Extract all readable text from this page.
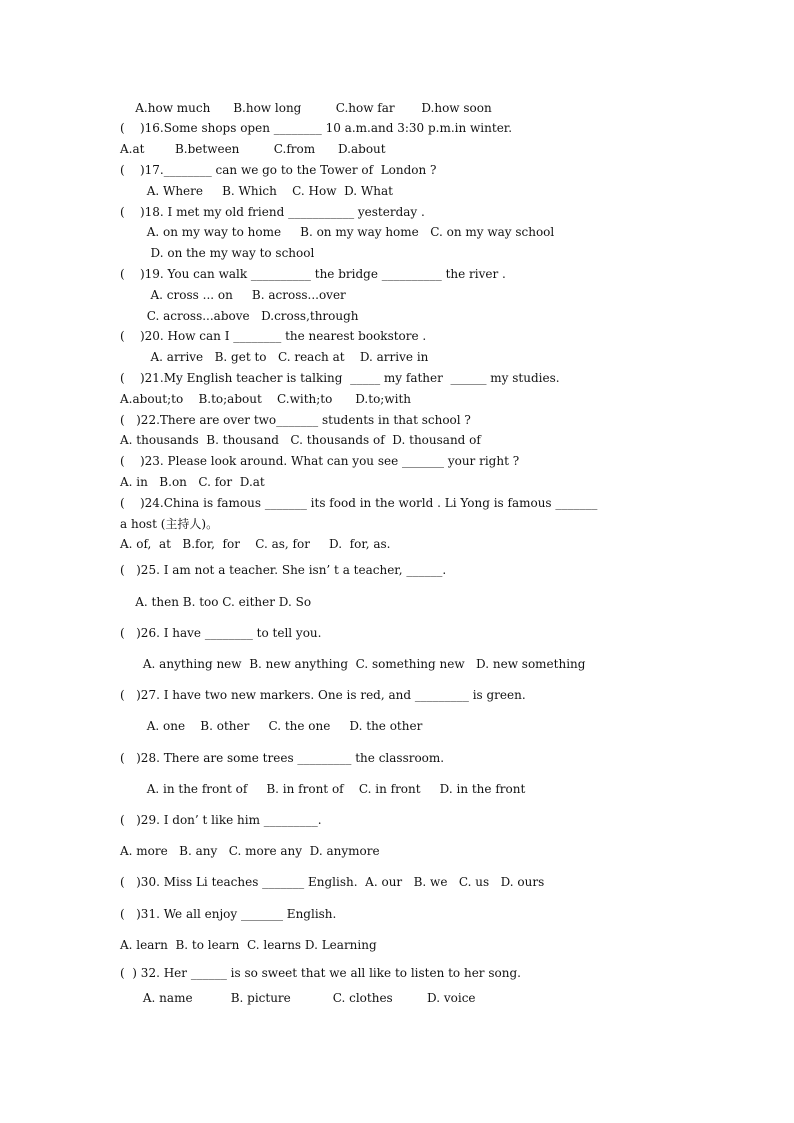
A.how much      B.how long         C.how far       D.how soon
(    )16.Some shops open ________ 10 a.m.and 3:30 p.m.in winter.
A.at        B.between         C.from      D.about
(    )17.________ can we go to the Tower of  London ?
A. Where     B. Which    C. How  D. What
(    )18. I met my old friend ___________ yesterday .
A. on my way to home     B. on my way home   C. on my way school
D. on the my way to school
(    )19. You can walk __________ the bridge __________ the river .
A. cross ... on     B. across...over
C. across...above   D.cross,through
(    )20. How can I ________ the nearest bookstore .
A. arrive   B. get to   C. reach at    D. arrive in
(    )21.My English teacher is talking  _____ my father  ______ my studies.
A.about;to    B.to;about    C.with;to      D.to;with
(   )22.There are over two_______ students in that school ?
A. thousands  B. thousand   C. thousands of  D. thousand of
(    )23. Please look around. What can you see _______ your right ?
A. in   B.on   C. for  D.at
(    )24.China is famous _______ its food in the world . Li Yong is famous _______
a host (主持人)。
A. of,  at   B.for,  for    C. as, for     D.  for, as.
(   )25. I am not a teacher. She isn’ t a teacher, ______.
A. then B. too C. either D. So
(   )26. I have ________ to tell you.
A. anything new  B. new anything  C. something new   D. new something
(   )27. I have two new markers. One is red, and _________ is green.
A. one    B. other     C. the one     D. the other
(   )28. There are some trees _________ the classroom.
A. in the front of     B. in front of    C. in front     D. in the front
(   )29. I don’ t like him _________.
A. more   B. any   C. more any  D. anymore
(   )30. Miss Li teaches _______ English.  A. our   B. we   C. us   D. ours
(   )31. We all enjoy _______ English.
A. learn  B. to learn  C. learns D. Learning
(  ) 32. Her ______ is so sweet that we all like to listen to her song.
A. name          B. picture           C. clothes         D. voice
